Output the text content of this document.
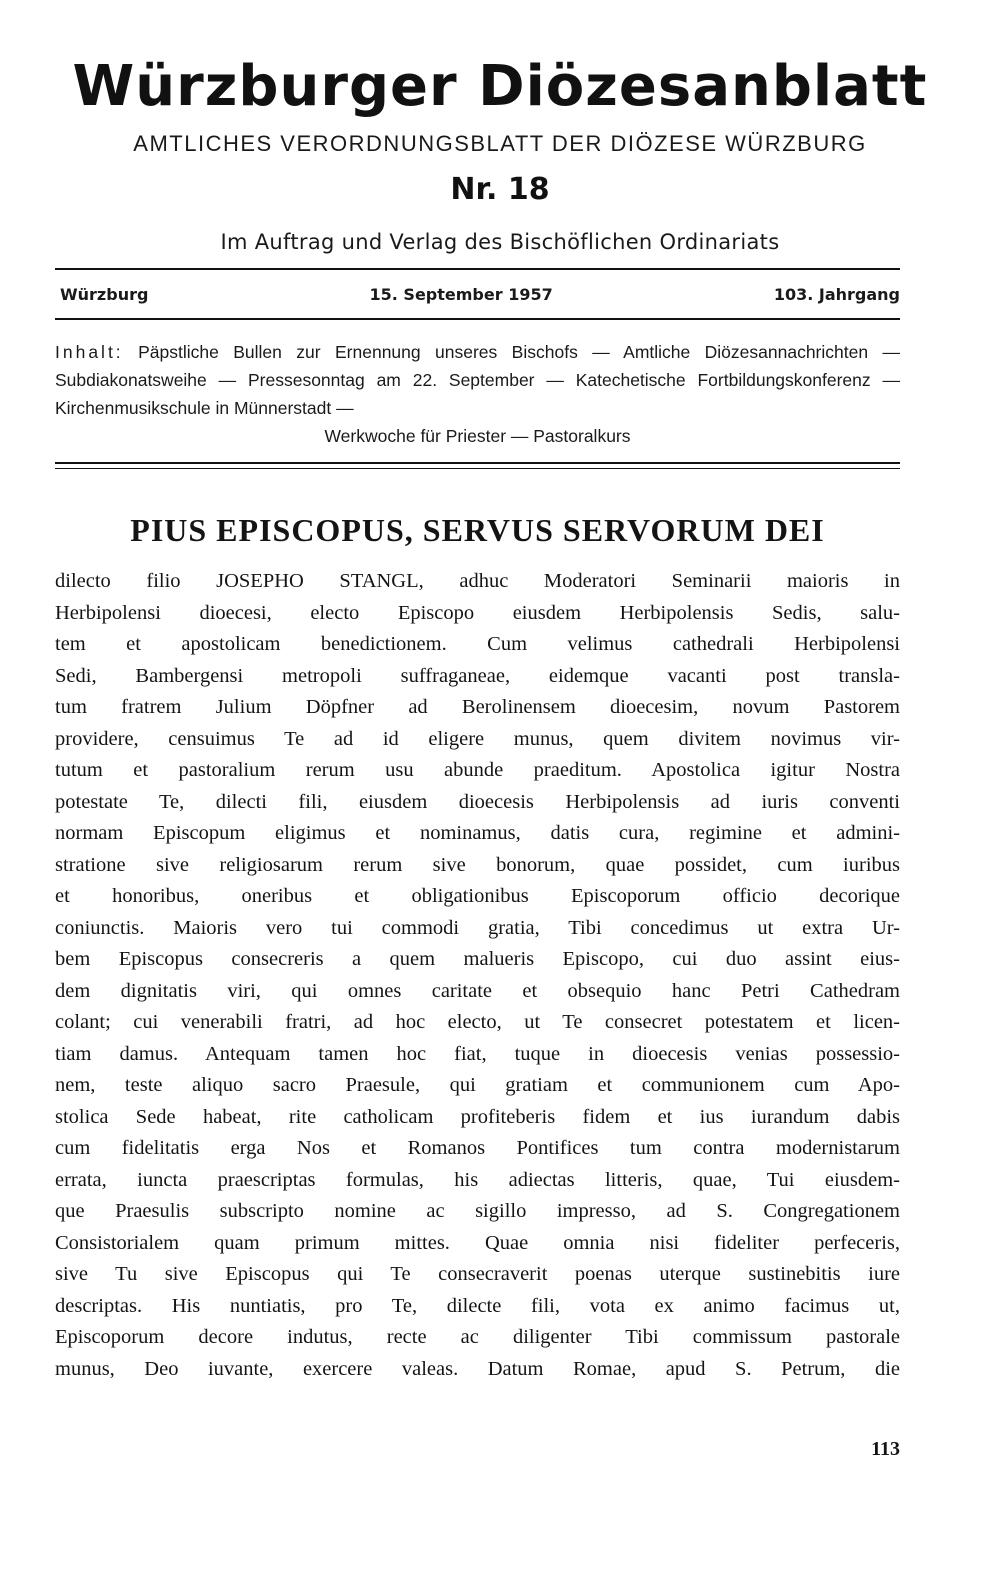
Würzburger Diözesanblatt
AMTLICHES VERORDNUNGSBLATT DER DIÖZESE WÜRZBURG
Nr. 18
Im Auftrag und Verlag des Bischöflichen Ordinariats
Würzburg	15. September 1957	103. Jahrgang
Inhalt: Päpstliche Bullen zur Ernennung unseres Bischofs — Amtliche Diözesannachrichten — Subdiakonatsweihe — Pressesonntag am 22. September — Katechetische Fortbildungskonferenz — Kirchenmusikschule in Münnerstadt —
Werkwoche für Priester — Pastoralkurs
PIUS EPISCOPUS, SERVUS SERVORUM DEI
dilecto filio JOSEPHO STANGL, adhuc Moderatori Seminarii maioris in
Herbipolensi dioecesi, electo Episcopo eiusdem Herbipolensis Sedis, salu-
tem et apostolicam benedictionem. Cum velimus cathedrali Herbipolensi
Sedi, Bambergensi metropoli suffraganeae, eidemque vacanti post transla-
tum fratrem Julium Döpfner ad Berolinensem dioecesim, novum Pastorem
providere, censuimus Te ad id eligere munus, quem divitem novimus vir-
tutum et pastoralium rerum usu abunde praeditum. Apostolica igitur Nostra
potestate Te, dilecti fili, eiusdem dioecesis Herbipolensis ad iuris conventi
normam Episcopum eligimus et nominamus, datis cura, regimine et admini-
stratione sive religiosarum rerum sive bonorum, quae possidet, cum iuribus
et honoribus, oneribus et obligationibus Episcoporum officio decorique
coniunctis. Maioris vero tui commodi gratia, Tibi concedimus ut extra Ur-
bem Episcopus consecreris a quem malueris Episcopo, cui duo assint eius-
dem dignitatis viri, qui omnes caritate et obsequio hanc Petri Cathedram
colant; cui venerabili fratri, ad hoc electo, ut Te consecret potestatem et licen-
tiam damus. Antequam tamen hoc fiat, tuque in dioecesis venias possessio-
nem, teste aliquo sacro Praesule, qui gratiam et communionem cum Apo-
stolica Sede habeat, rite catholicam profiteberis fidem et ius iurandum dabis
cum fidelitatis erga Nos et Romanos Pontifices tum contra modernistarum
errata, iuncta praescriptas formulas, his adiectas litteris, quae, Tui eiusdem-
que Praesulis subscripto nomine ac sigillo impresso, ad S. Congregationem
Consistorialem quam primum mittes. Quae omnia nisi fideliter perfeceris,
sive Tu sive Episcopus qui Te consecraverit poenas uterque sustinebitis iure
descriptas. His nuntiatis, pro Te, dilecte fili, vota ex animo facimus ut,
Episcoporum decore indutus, recte ac diligenter Tibi commissum pastorale
munus, Deo iuvante, exercere valeas. Datum Romae, apud S. Petrum, die
113
